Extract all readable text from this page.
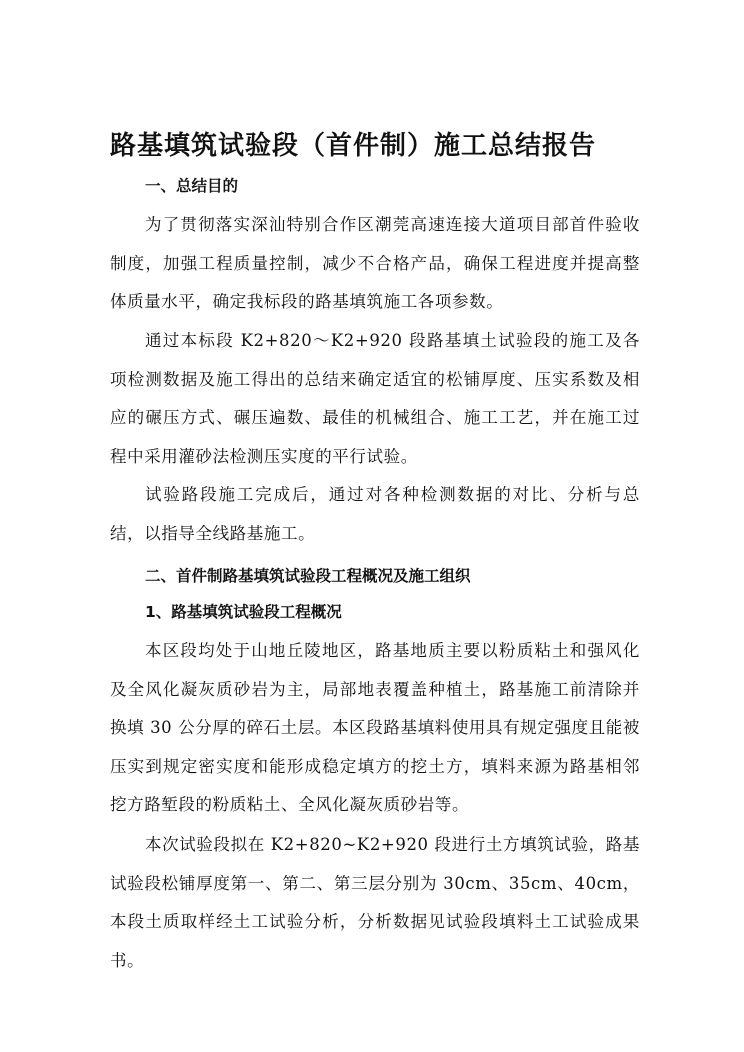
路基填筑试验段（首件制）施工总结报告
一、总结目的

为了贯彻落实深汕特别合作区潮莞高速连接大道项目部首件验收制度，加强工程质量控制，减少不合格产品，确保工程进度并提高整体质量水平，确定我标段的路基填筑施工各项参数。

通过本标段 K2+820～K2+920 段路基填土试验段的施工及各项检测数据及施工得出的总结来确定适宜的松铺厚度、压实系数及相应的碾压方式、碾压遍数、最佳的机械组合、施工工艺，并在施工过程中采用灌砂法检测压实度的平行试验。

试验路段施工完成后，通过对各种检测数据的对比、分析与总结，以指导全线路基施工。

二、首件制路基填筑试验段工程概况及施工组织
1、路基填筑试验段工程概况

本区段均处于山地丘陵地区，路基地质主要以粉质粘土和强风化及全风化凝灰质砂岩为主，局部地表覆盖种植土，路基施工前清除并换填 30 公分厚的碎石土层。本区段路基填料使用具有规定强度且能被压实到规定密实度和能形成稳定填方的挖土方，填料来源为路基相邻挖方路堑段的粉质粘土、全风化凝灰质砂岩等。

本次试验段拟在 K2+820~K2+920 段进行土方填筑试验，路基试验段松铺厚度第一、第二、第三层分别为 30cm、35cm、40cm，本段土质取样经土工试验分析，分析数据见试验段填料土工试验成果书。
